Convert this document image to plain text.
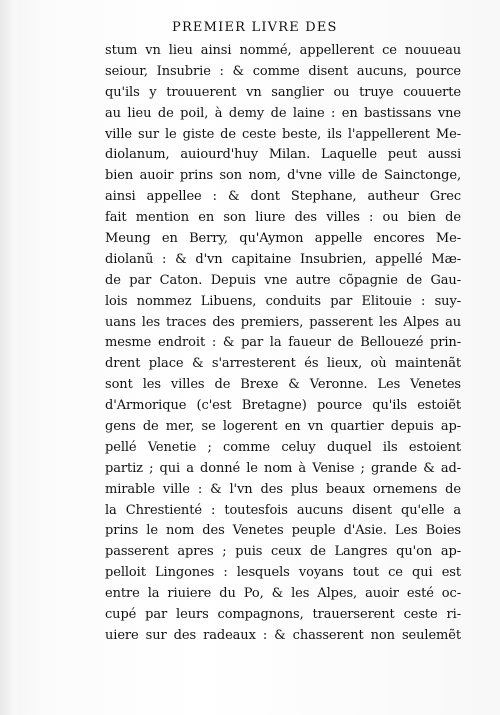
PREMIER LIVRE DES
stum vn lieu ainsi nommé, appellerent ce nouueau
seiour, Insubrie : & comme disent aucuns, pource
qu'ils y trouuerent vn sanglier ou truye couuerte
au lieu de poil, à demy de laine : en bastissans vne
ville sur le giste de ceste beste, ils l'appellerent Me-
diolanum, auiourd'huy Milan. Laquelle peut aussi
bien auoir prins son nom, d'vne ville de Sainctonge,
ainsi appellee : & dont Stephane, autheur Grec
fait mention en son liure des villes : ou bien de
Meung en Berry, qu'Aymon appelle encores Me-
diolanũ : & d'vn capitaine Insubrien, appellé Mæ-
de par Caton. Depuis vne autre cõpagnie de Gau-
lois nommez Libuens, conduits par Elitouie : suy-
uans les traces des premiers, passerent les Alpes au
mesme endroit : & par la faueur de Bellouezé prin-
drent place & s'arresterent és lieux, où maintenãt
sont les villes de Brexe & Veronne. Les Venetes
d'Armorique (c'est Bretagne) pource qu'ils estoiẽt
gens de mer, se logerent en vn quartier depuis ap-
pellé Venetie ; comme celuy duquel ils estoient
partiz ; qui a donné le nom à Venise ; grande & ad-
mirable ville : & l'vn des plus beaux ornemens de
la Chrestienté : toutesfois aucuns disent qu'elle a
prins le nom des Venetes peuple d'Asie. Les Boies
passerent apres ; puis ceux de Langres qu'on ap-
pelloit Lingones : lesquels voyans tout ce qui est
entre la riuiere du Po, & les Alpes, auoir esté oc-
cupé par leurs compagnons, trauerserent ceste ri-
uiere sur des radeaux : & chasserent non seulemẽt
